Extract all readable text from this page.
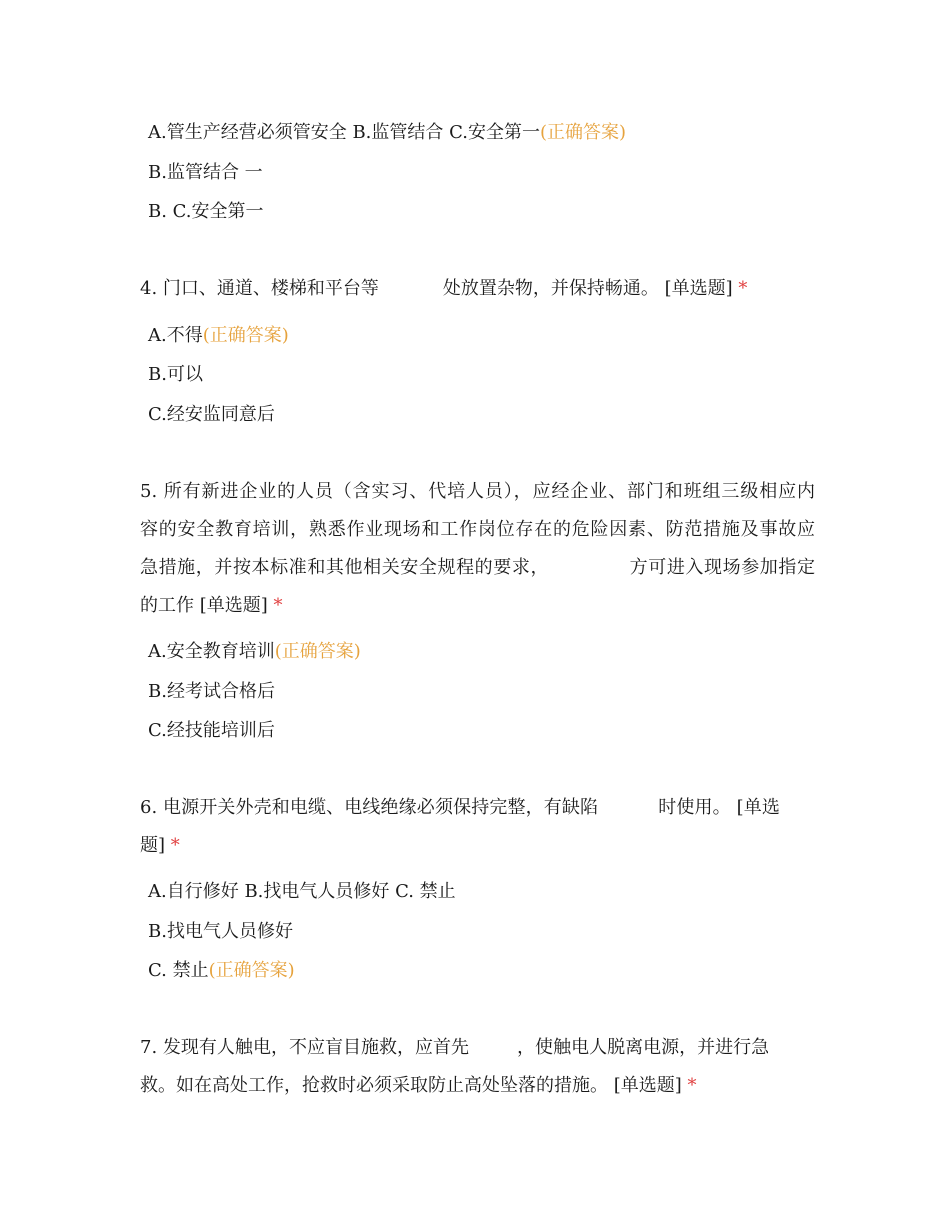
A.管生产经营必须管安全 B.监管结合 C.安全第一(正确答案)
B.监管结合 一
B. C.安全第一
4. 门口、通道、楼梯和平台等	处放置杂物，并保持畅通。 [单选题] *
A.不得(正确答案)
B.可以
C.经安监同意后
5. 所有新进企业的人员（含实习、代培人员），应经企业、部门和班组三级相应内
容的安全教育培训，熟悉作业现场和工作岗位存在的危险因素、防范措施及事故应
急措施，并按本标准和其他相关安全规程的要求，	方可进入现场参加指定
的工作 [单选题] *
A.安全教育培训(正确答案)
B.经考试合格后
C.经技能培训后
6. 电源开关外壳和电缆、电线绝缘必须保持完整，有缺陷	时使用。 [单选
题] *
A.自行修好 B.找电气人员修好 C. 禁止
B.找电气人员修好
C. 禁止(正确答案)
7. 发现有人触电，不应盲目施救，应首先	，使触电人脱离电源，并进行急
救。如在高处工作，抢救时必须采取防止高处坠落的措施。 [单选题] *
